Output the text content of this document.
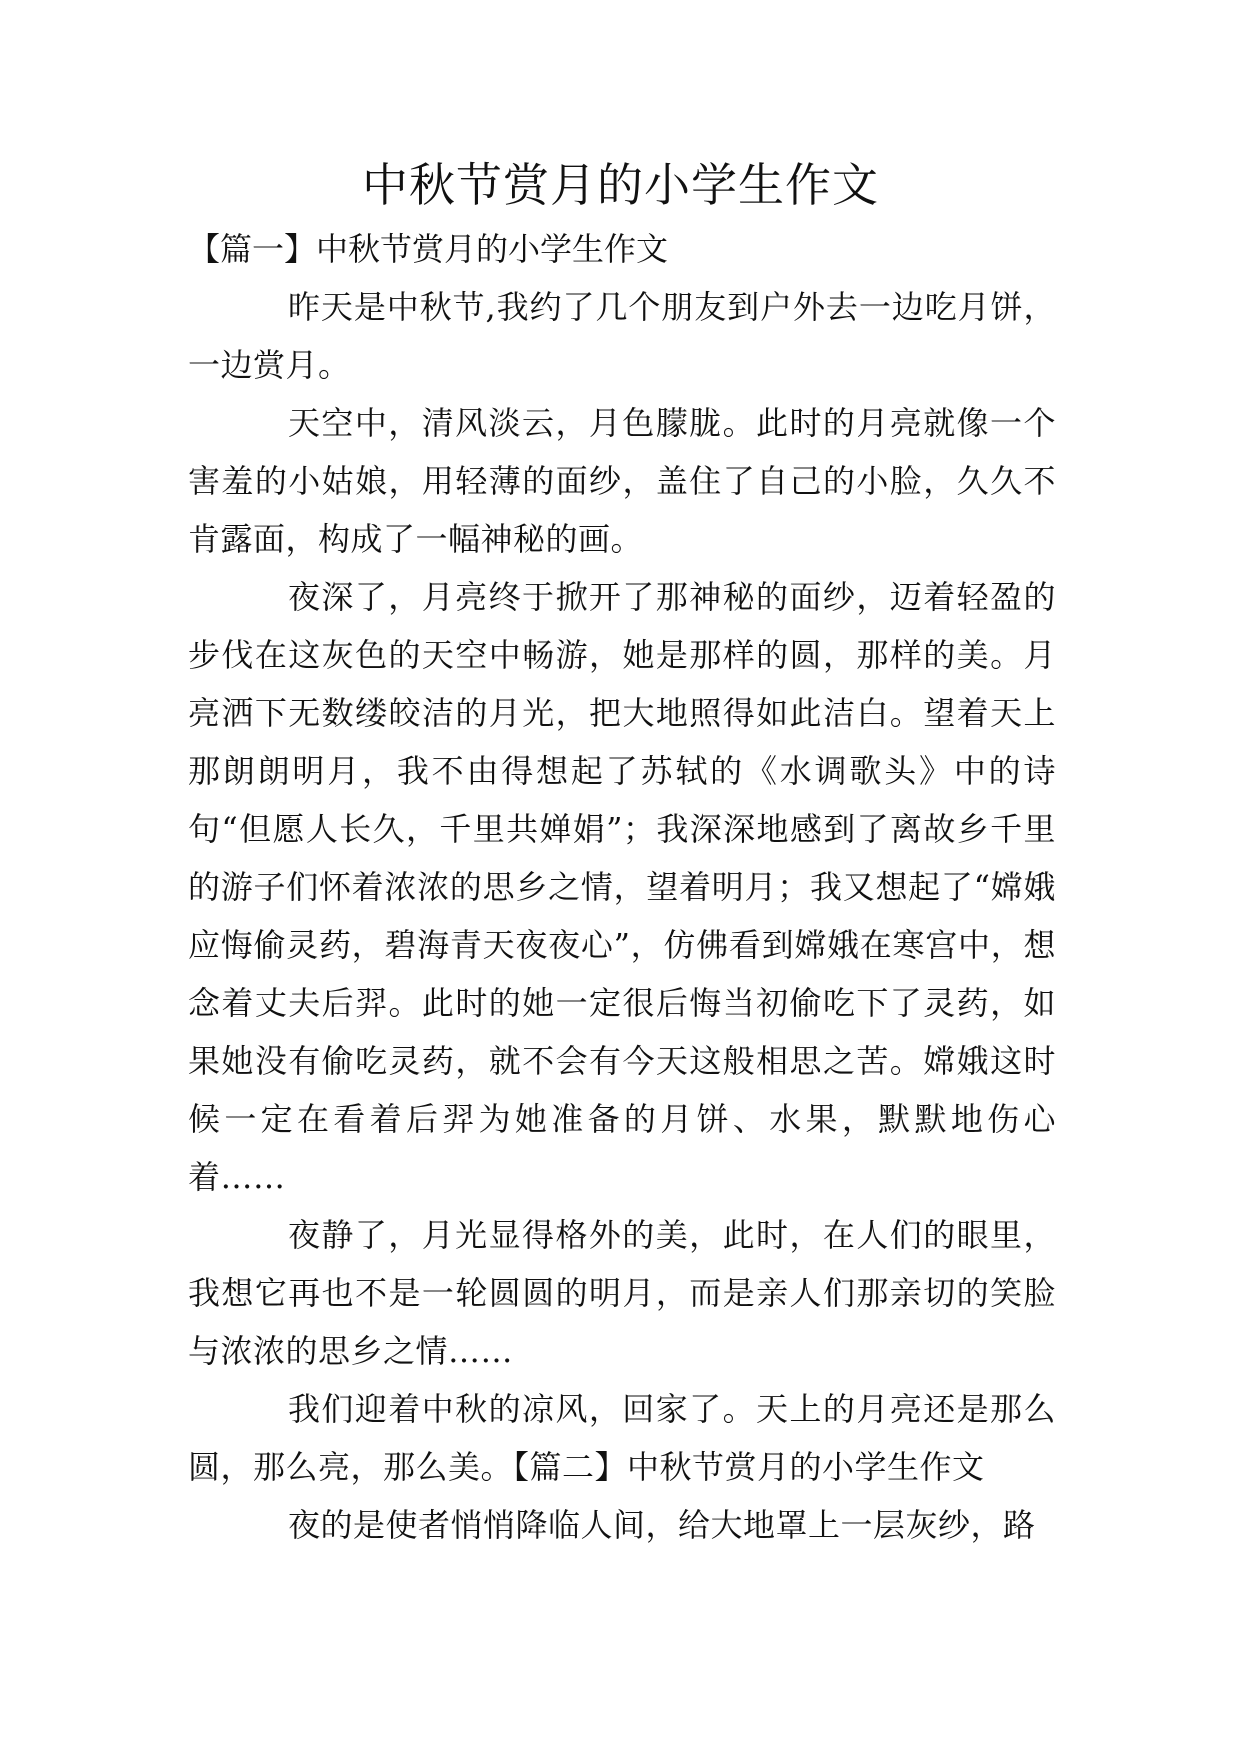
中秋节赏月的小学生作文
【篇一】中秋节赏月的小学生作文

昨天是中秋节,我约了几个朋友到户外去一边吃月饼，一边赏月。

天空中，清风淡云，月色朦胧。此时的月亮就像一个害羞的小姑娘，用轻薄的面纱，盖住了自己的小脸，久久不肯露面，构成了一幅神秘的画。

夜深了，月亮终于掀开了那神秘的面纱，迈着轻盈的步伐在这灰色的天空中畅游，她是那样的圆，那样的美。月亮洒下无数缕皎洁的月光，把大地照得如此洁白。望着天上那朗朗明月，我不由得想起了苏轼的《水调歌头》中的诗句“但愿人长久，千里共婵娟”；我深深地感到了离故乡千里的游子们怀着浓浓的思乡之情，望着明月；我又想起了“嫦娥应悔偷灵药，碧海青天夜夜心”，仿佛看到嫦娥在寒宫中，想念着丈夫后羿。此时的她一定很后悔当初偷吃下了灵药，如果她没有偷吃灵药，就不会有今天这般相思之苦。嫦娥这时候一定在看着后羿为她准备的月饼、水果，默默地伤心着……

夜静了，月光显得格外的美，此时，在人们的眼里，我想它再也不是一轮圆圆的明月，而是亲人们那亲切的笑脸与浓浓的思乡之情……

我们迎着中秋的凉风，回家了。天上的月亮还是那么圆，那么亮，那么美。【篇二】中秋节赏月的小学生作文

夜的是使者悄悄降临人间，给大地罩上一层灰纱，路
